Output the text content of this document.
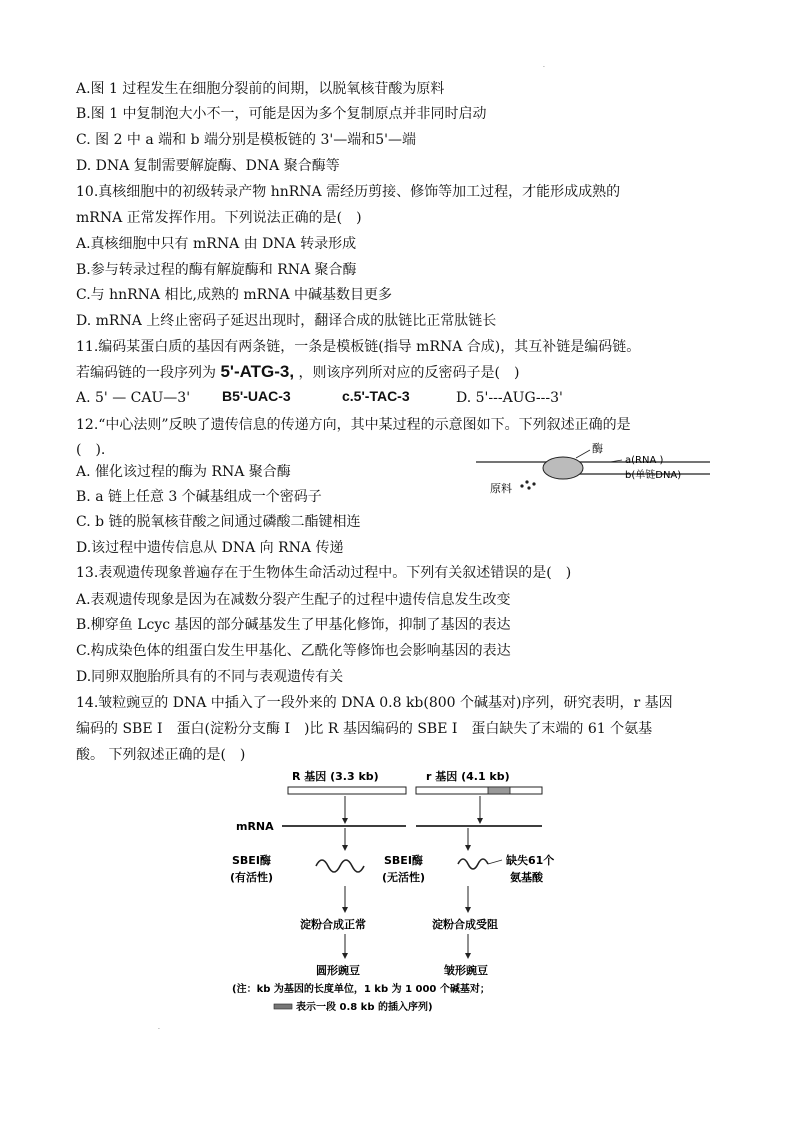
·
A.图 1 过程发生在细胞分裂前的间期，以脱氧核苷酸为原料
B.图 1 中复制泡大小不一，可能是因为多个复制原点并非同时启动
C. 图 2 中 a 端和 b 端分别是模板链的 3'—端和5'—端
D. DNA 复制需要解旋酶、DNA 聚合酶等
10.真核细胞中的初级转录产物 hnRNA 需经历剪接、修饰等加工过程，才能形成成熟的
mRNA 正常发挥作用。下列说法正确的是(　)
A.真核细胞中只有 mRNA 由 DNA 转录形成
B.参与转录过程的酶有解旋酶和 RNA 聚合酶
C.与 hnRNA 相比,成熟的 mRNA 中碱基数目更多
D. mRNA 上终止密码子延迟出现时，翻译合成的肽链比正常肽链长
11.编码某蛋白质的基因有两条链，一条是模板链(指导 mRNA 合成)，其互补链是编码链。
若编码链的一段序列为 5'-ATG-3, ，则该序列所对应的反密码子是(　)
A. 5' — CAU—3' B5'-UAC-3	c.5'-TAC-3	D. 5'---AUG---3'
12.“中心法则”反映了遗传信息的传递方向，其中某过程的示意图如下。下列叙述正确的是
(　).
A. 催化该过程的酶为 RNA 聚合酶
B. a 链上任意 3 个碱基组成一个密码子
C. b 链的脱氧核苷酸之间通过磷酸二酯键相连
D.该过程中遗传信息从 DNA 向 RNA 传递
酶
a(RNA )
b(单链DNA)
原料
13.表观遗传现象普遍存在于生物体生命活动过程中。下列有关叙述错误的是(　)
A.表观遗传现象是因为在减数分裂产生配子的过程中遗传信息发生改变
B.柳穿鱼 Lcyc 基因的部分碱基发生了甲基化修饰，抑制了基因的表达
C.构成染色体的组蛋白发生甲基化、乙酰化等修饰也会影响基因的表达
D.同卵双胞胎所具有的不同与表观遗传有关
14.皱粒豌豆的 DNA 中插入了一段外来的 DNA 0.8 kb(800 个碱基对)序列，研究表明，r 基因
编码的 SBE Ⅰ　蛋白(淀粉分支酶 Ⅰ　)比 R 基因编码的 SBE Ⅰ　蛋白缺失了末端的 61 个氨基
酸。 下列叙述正确的是(　)
R 基因 (3.3 kb)	r 基因 (4.1 kb)
mRNA
SBEⅠ酶
(有活性)
SBEⅠ酶
(无活性)
缺失61个
氨基酸
淀粉合成正常	淀粉合成受阻
圆形豌豆	皱形豌豆
(注：kb 为基因的长度单位，1 kb 为 1 000 个碱基对；
表示一段 0.8 kb 的插入序列)
·
